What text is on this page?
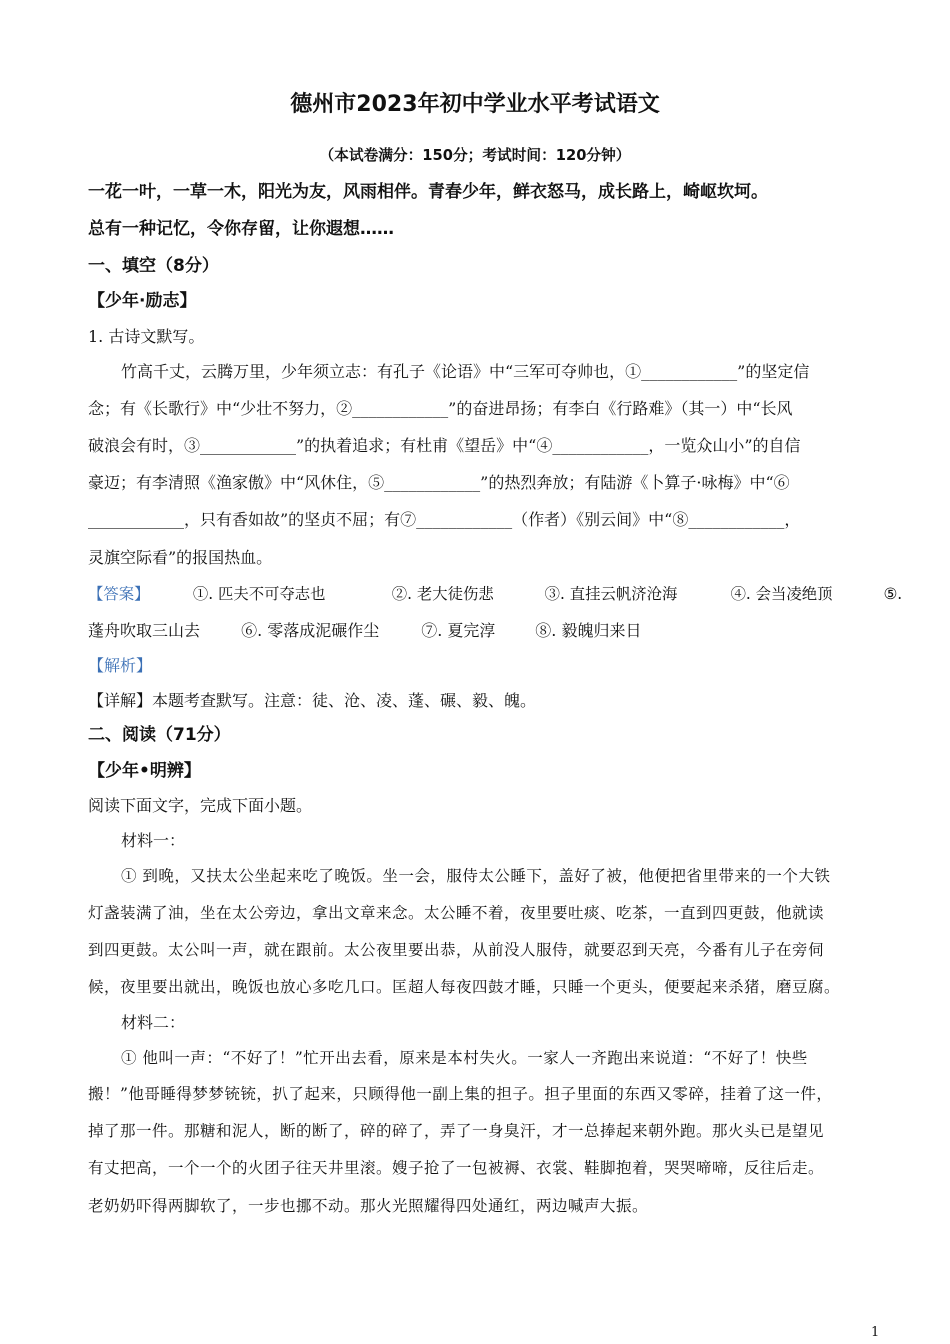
德州市2023年初中学业水平考试语文
（本试卷满分：150分；考试时间：120分钟）
一花一叶，一草一木，阳光为友，风雨相伴。青春少年，鲜衣怒马，成长路上，崎岖坎坷。
总有一种记忆，令你存留，让你遐想……
一、填空（8分）
【少年·励志】
1. 古诗文默写。
竹高千丈，云腾万里，少年须立志：有孔子《论语》中“三军可夺帅也，①____________”的坚定信
念；有《长歌行》中“少壮不努力，②____________”的奋进昂扬；有李白《行路难》（其一）中“长风
破浪会有时，③____________”的执着追求；有杜甫《望岳》中“④____________，一览众山小”的自信
豪迈；有李清照《渔家傲》中“风休住，⑤____________”的热烈奔放；有陆游《卜算子·咏梅》中“⑥
____________，只有香如故”的坚贞不屈；有⑦____________（作者）《别云间》中“⑧____________，
灵旗空际看”的报国热血。
【答案】	①. 匹夫不可夺志也	②. 老大徒伤悲	③. 直挂云帆济沧海	④. 会当凌绝顶	⑤.
蓬舟吹取三山去	⑥. 零落成泥碾作尘	⑦. 夏完淳 ⑧. 毅魄归来日
【解析】
【详解】本题考查默写。注意：徒、沧、凌、蓬、碾、毅、魄。
二、阅读（71分）
【少年•明辨】
阅读下面文字，完成下面小题。
材料一：
① 到晚，又扶太公坐起来吃了晚饭。坐一会，服侍太公睡下，盖好了被，他便把省里带来的一个大铁
灯盏装满了油，坐在太公旁边，拿出文章来念。太公睡不着，夜里要吐痰、吃茶，一直到四更鼓，他就读
到四更鼓。太公叫一声，就在跟前。太公夜里要出恭，从前没人服侍，就要忍到天亮，今番有儿子在旁伺
候，夜里要出就出，晚饭也放心多吃几口。匡超人每夜四鼓才睡，只睡一个更头，便要起来杀猪，磨豆腐。
材料二：
① 他叫一声：“不好了！”忙开出去看，原来是本村失火。一家人一齐跑出来说道：“不好了！快些
搬！”他哥睡得梦梦铳铳，扒了起来，只顾得他一副上集的担子。担子里面的东西又零碎，挂着了这一件，
掉了那一件。那糖和泥人，断的断了，碎的碎了，弄了一身臭汗，才一总捧起来朝外跑。那火头已是望见
有丈把高，一个一个的火团子往天井里滚。嫂子抢了一包被褥、衣裳、鞋脚抱着，哭哭啼啼，反往后走。
老奶奶吓得两脚软了，一步也挪不动。那火光照耀得四处通红，两边喊声大振。
1
